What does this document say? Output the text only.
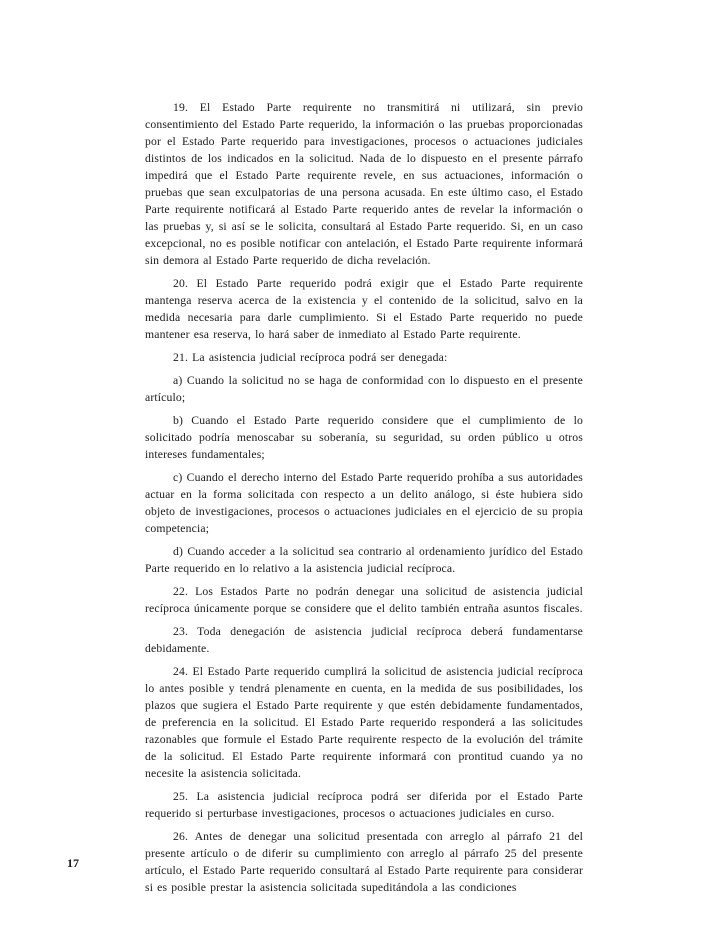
19. El Estado Parte requirente no transmitirá ni utilizará, sin previo consentimiento del Estado Parte requerido, la información o las pruebas proporcionadas por el Estado Parte requerido para investigaciones, procesos o actuaciones judiciales distintos de los indicados en la solicitud. Nada de lo dispuesto en el presente párrafo impedirá que el Estado Parte requirente revele, en sus actuaciones, información o pruebas que sean exculpatorias de una persona acusada. En este último caso, el Estado Parte requirente notificará al Estado Parte requerido antes de revelar la información o las pruebas y, si así se le solicita, consultará al Estado Parte requerido. Si, en un caso excepcional, no es posible notificar con antelación, el Estado Parte requirente informará sin demora al Estado Parte requerido de dicha revelación.

20. El Estado Parte requerido podrá exigir que el Estado Parte requirente mantenga reserva acerca de la existencia y el contenido de la solicitud, salvo en la medida necesaria para darle cumplimiento. Si el Estado Parte requerido no puede mantener esa reserva, lo hará saber de inmediato al Estado Parte requirente.

21. La asistencia judicial recíproca podrá ser denegada:

a) Cuando la solicitud no se haga de conformidad con lo dispuesto en el presente artículo;

b) Cuando el Estado Parte requerido considere que el cumplimiento de lo solicitado podría menoscabar su soberanía, su seguridad, su orden público u otros intereses fundamentales;

c) Cuando el derecho interno del Estado Parte requerido prohíba a sus autoridades actuar en la forma solicitada con respecto a un delito análogo, si éste hubiera sido objeto de investigaciones, procesos o actuaciones judiciales en el ejercicio de su propia competencia;

d) Cuando acceder a la solicitud sea contrario al ordenamiento jurídico del Estado Parte requerido en lo relativo a la asistencia judicial recíproca.

22. Los Estados Parte no podrán denegar una solicitud de asistencia judicial recíproca únicamente porque se considere que el delito también entraña asuntos fiscales.

23. Toda denegación de asistencia judicial recíproca deberá fundamentarse debidamente.

24. El Estado Parte requerido cumplirá la solicitud de asistencia judicial recíproca lo antes posible y tendrá plenamente en cuenta, en la medida de sus posibilidades, los plazos que sugiera el Estado Parte requirente y que estén debidamente fundamentados, de preferencia en la solicitud. El Estado Parte requerido responderá a las solicitudes razonables que formule el Estado Parte requirente respecto de la evolución del trámite de la solicitud. El Estado Parte requirente informará con prontitud cuando ya no necesite la asistencia solicitada.

25. La asistencia judicial recíproca podrá ser diferida por el Estado Parte requerido si perturbase investigaciones, procesos o actuaciones judiciales en curso.

26. Antes de denegar una solicitud presentada con arreglo al párrafo 21 del presente artículo o de diferir su cumplimiento con arreglo al párrafo 25 del presente artículo, el Estado Parte requerido consultará al Estado Parte requirente para considerar si es posible prestar la asistencia solicitada supeditándola a las condiciones

17
